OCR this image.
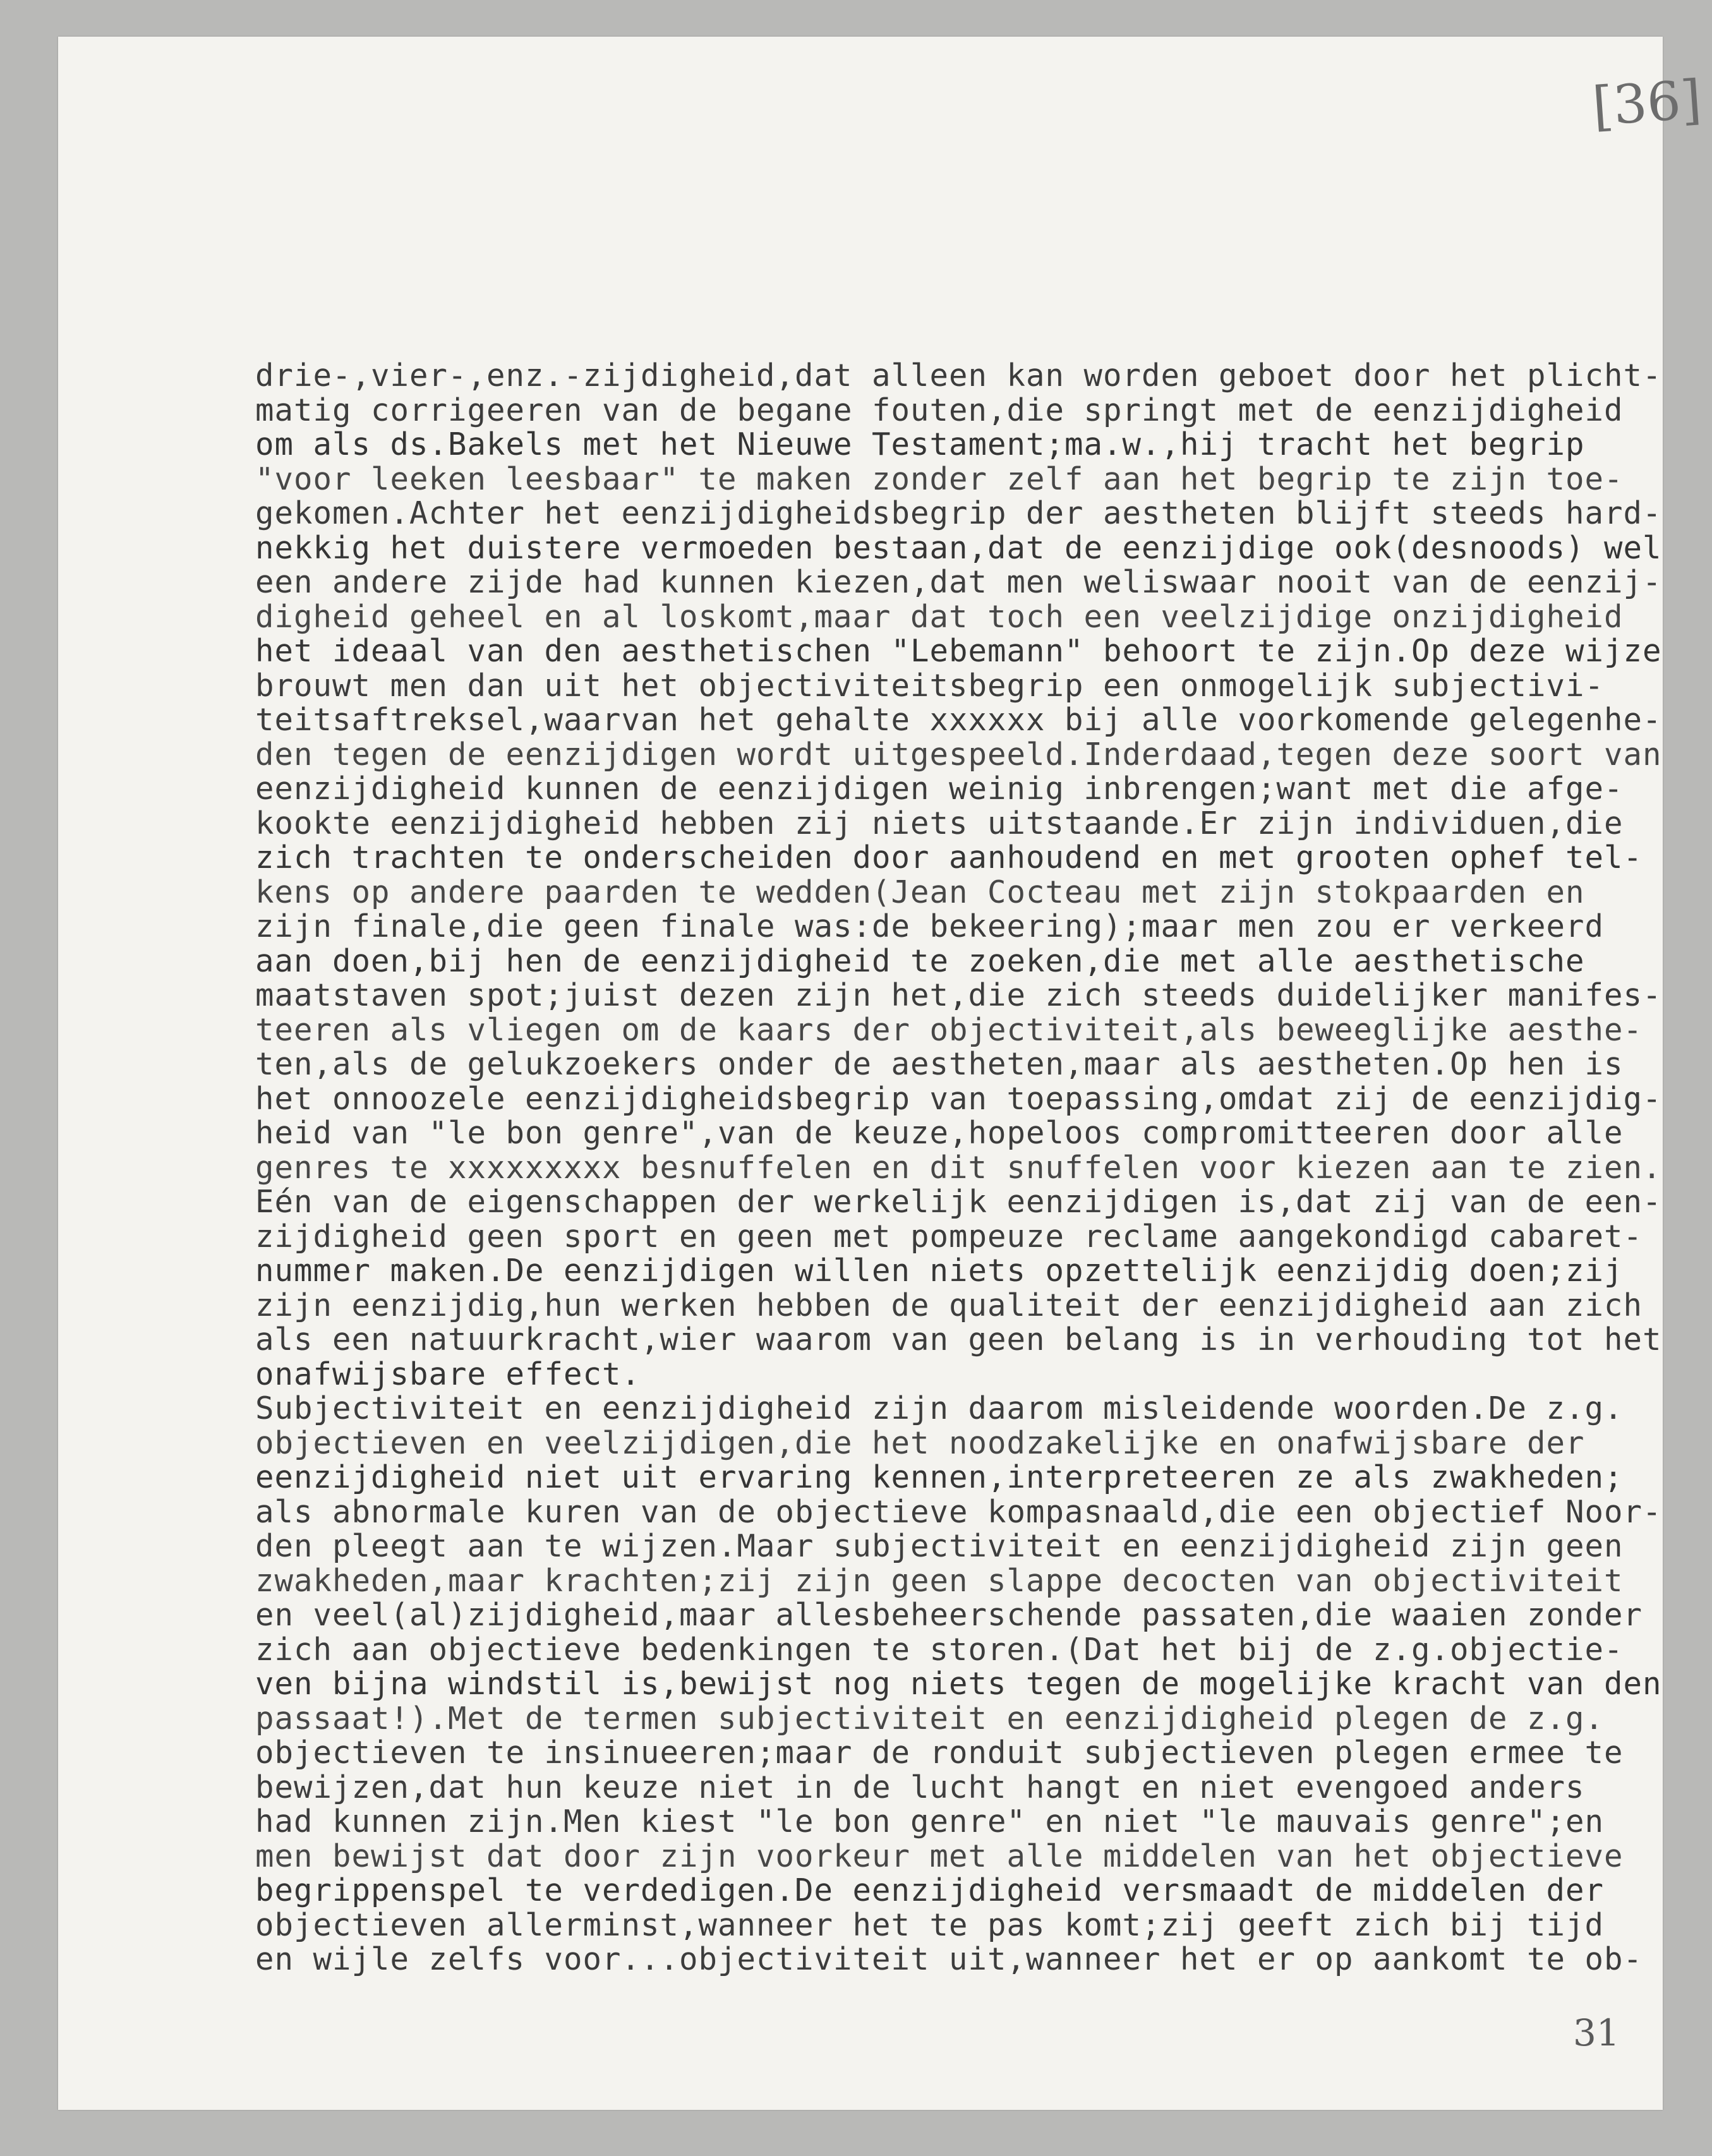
[36]
drie-,vier-,enz.-zijdigheid,dat alleen kan worden geboet door het plicht-
matig corrigeeren van de begane fouten,die springt met de eenzijdigheid
om als ds.Bakels met het Nieuwe Testament;ma.w.,hij tracht het begrip
"voor leeken leesbaar" te maken zonder zelf aan het begrip te zijn toe-
gekomen.Achter het eenzijdigheidsbegrip der aestheten blijft steeds hard-
nekkig het duistere vermoeden bestaan,dat de eenzijdige ook(desnoods) wel
een andere zijde had kunnen kiezen,dat men weliswaar nooit van de eenzij-
digheid geheel en al loskomt,maar dat toch een veelzijdige onzijdigheid
het ideaal van den aesthetischen "Lebemann" behoort te zijn.Op deze wijze
brouwt men dan uit het objectiviteitsbegrip een onmogelijk subjectivi-
teitsaftreksel,waarvan het gehalte xxxxxx bij alle voorkomende gelegenhe-
den tegen de eenzijdigen wordt uitgespeeld.Inderdaad,tegen deze soort van
eenzijdigheid kunnen de eenzijdigen weinig inbrengen;want met die afge-
kookte eenzijdigheid hebben zij niets uitstaande.Er zijn individuen,die
zich trachten te onderscheiden door aanhoudend en met grooten ophef tel-
kens op andere paarden te wedden(Jean Cocteau met zijn stokpaarden en
zijn finale,die geen finale was:de bekeering);maar men zou er verkeerd
aan doen,bij hen de eenzijdigheid te zoeken,die met alle aesthetische
maatstaven spot;juist dezen zijn het,die zich steeds duidelijker manifes-
teeren als vliegen om de kaars der objectiviteit,als beweeglijke aesthe-
ten,als de gelukzoekers onder de aestheten,maar als aestheten.Op hen is
het onnoozele eenzijdigheidsbegrip van toepassing,omdat zij de eenzijdig-
heid van "le bon genre",van de keuze,hopeloos compromitteeren door alle
genres te xxxxxxxxx besnuffelen en dit snuffelen voor kiezen aan te zien.
Eén van de eigenschappen der werkelijk eenzijdigen is,dat zij van de een-
zijdigheid geen sport en geen met pompeuze reclame aangekondigd cabaret-
nummer maken.De eenzijdigen willen niets opzettelijk eenzijdig doen;zij
zijn eenzijdig,hun werken hebben de qualiteit der eenzijdigheid aan zich
als een natuurkracht,wier waarom van geen belang is in verhouding tot het
onafwijsbare effect.
Subjectiviteit en eenzijdigheid zijn daarom misleidende woorden.De z.g.
objectieven en veelzijdigen,die het noodzakelijke en onafwijsbare der
eenzijdigheid niet uit ervaring kennen,interpreteeren ze als zwakheden;
als abnormale kuren van de objectieve kompasnaald,die een objectief Noor-
den pleegt aan te wijzen.Maar subjectiviteit en eenzijdigheid zijn geen
zwakheden,maar krachten;zij zijn geen slappe decocten van objectiviteit
en veel(al)zijdigheid,maar allesbeheerschende passaten,die waaien zonder
zich aan objectieve bedenkingen te storen.(Dat het bij de z.g.objectie-
ven bijna windstil is,bewijst nog niets tegen de mogelijke kracht van den
passaat!).Met de termen subjectiviteit en eenzijdigheid plegen de z.g.
objectieven te insinueeren;maar de ronduit subjectieven plegen ermee te
bewijzen,dat hun keuze niet in de lucht hangt en niet evengoed anders
had kunnen zijn.Men kiest "le bon genre" en niet "le mauvais genre";en
men bewijst dat door zijn voorkeur met alle middelen van het objectieve
begrippenspel te verdedigen.De eenzijdigheid versmaadt de middelen der
objectieven allerminst,wanneer het te pas komt;zij geeft zich bij tijd
en wijle zelfs voor...objectiviteit uit,wanneer het er op aankomt te ob-
31
